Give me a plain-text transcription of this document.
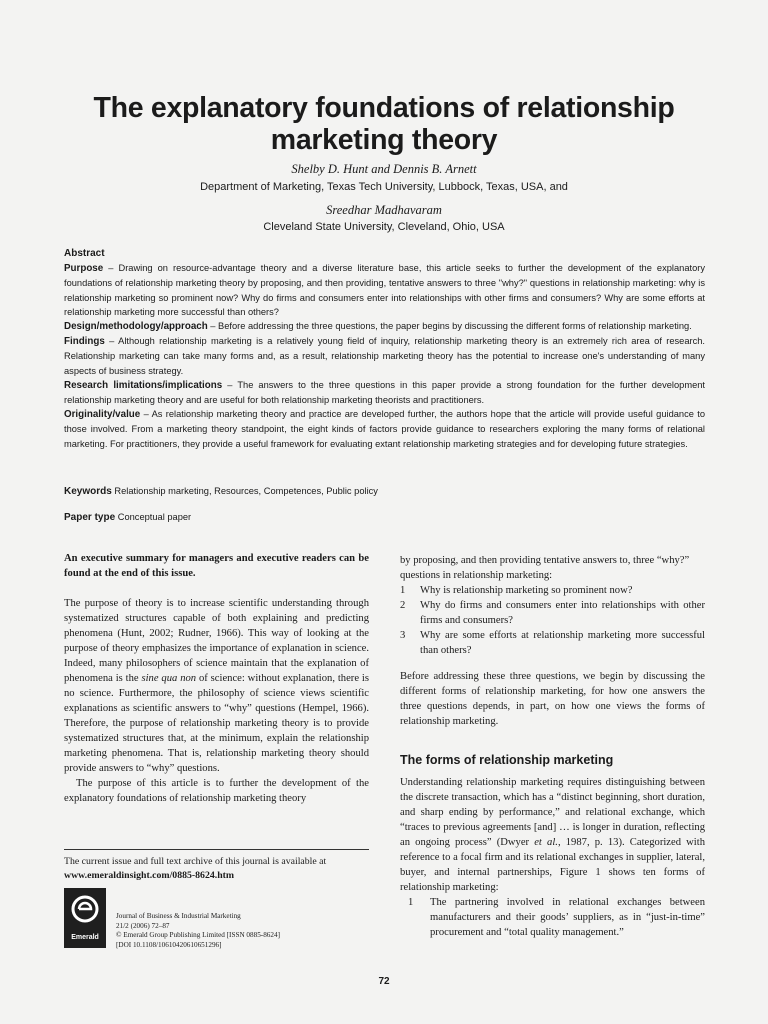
The explanatory foundations of relationship marketing theory
Shelby D. Hunt and Dennis B. Arnett
Department of Marketing, Texas Tech University, Lubbock, Texas, USA, and
Sreedhar Madhavaram
Cleveland State University, Cleveland, Ohio, USA

Abstract

Purpose – Drawing on resource-advantage theory and a diverse literature base, this article seeks to further the development of the explanatory foundations of relationship marketing theory by proposing, and then providing, tentative answers to three "why?" questions in relationship marketing: why is relationship marketing so prominent now? Why do firms and consumers enter into relationships with other firms and consumers? Why are some efforts at relationship marketing more successful than others?

Design/methodology/approach – Before addressing the three questions, the paper begins by discussing the different forms of relationship marketing.

Findings – Although relationship marketing is a relatively young field of inquiry, relationship marketing theory is an extremely rich area of research. Relationship marketing can take many forms and, as a result, relationship marketing theory has the potential to increase one's understanding of many aspects of business strategy.

Research limitations/implications – The answers to the three questions in this paper provide a strong foundation for the further development relationship marketing theory and are useful for both relationship marketing theorists and practitioners.

Originality/value – As relationship marketing theory and practice are developed further, the authors hope that the article will provide useful guidance to those involved. From a marketing theory standpoint, the eight kinds of factors provide guidance to researchers exploring the many forms of relational marketing. For practitioners, they provide a useful framework for evaluating extant relationship marketing strategies and for developing future strategies.

Keywords Relationship marketing, Resources, Competences, Public policy
Paper type Conceptual paper

An executive summary for managers and executive readers can be found at the end of this issue.

The purpose of theory is to increase scientific understanding through systematized structures capable of both explaining and predicting phenomena (Hunt, 2002; Rudner, 1966). This way of looking at the purpose of theory emphasizes the importance of explanation in science. Indeed, many philosophers of science maintain that the explanation of phenomena is the sine qua non of science: without explanation, there is no science. Furthermore, the philosophy of science views scientific explanations as scientific answers to “why” questions (Hempel, 1966). Therefore, the purpose of relationship marketing theory is to provide systematized structures that, at the minimum, explain the relationship marketing phenomena. That is, relationship marketing theory should provide answers to “why” questions.

The purpose of this article is to further the development of the explanatory foundations of relationship marketing theory

The current issue and full text archive of this journal is available at
www.emeraldinsight.com/0885-8624.htm
Emerald
Journal of Business & Industrial Marketing
21/2 (2006) 72–87
© Emerald Group Publishing Limited [ISSN 0885-8624]
[DOI 10.1108/10610420610651296]

by proposing, and then providing tentative answers to, three “why?” questions in relationship marketing:

1	Why is relationship marketing so prominent now?
2	Why do firms and consumers enter into relationships with other firms and consumers?
3	Why are some efforts at relationship marketing more successful than others?

Before addressing these three questions, we begin by discussing the different forms of relationship marketing, for how one answers the three questions depends, in part, on how one views the forms of relationship marketing.

The forms of relationship marketing

Understanding relationship marketing requires distinguishing between the discrete transaction, which has a “distinct beginning, short duration, and sharp ending by performance,” and relational exchange, which “traces to previous agreements [and] … is longer in duration, reflecting an ongoing process” (Dwyer et al., 1987, p. 13). Categorized with reference to a focal firm and its relational exchanges in supplier, lateral, buyer, and internal partnerships, Figure 1 shows ten forms of relationship marketing:

1	The partnering involved in relational exchanges between manufacturers and their goods’ suppliers, as in “just-in-time” procurement and “total quality management.”
72
